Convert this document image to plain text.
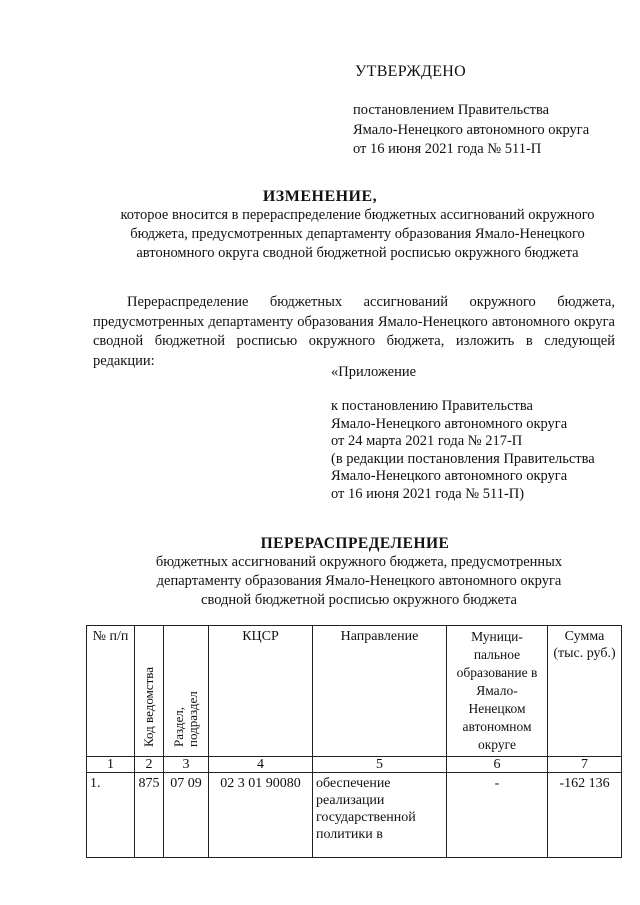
УТВЕРЖДЕНО
постановлением Правительства
Ямало-Ненецкого автономного округа
от 16 июня 2021 года № 511-П
ИЗМЕНЕНИЕ,
которое вносится в перераспределение бюджетных ассигнований окружного
бюджета, предусмотренных департаменту образования Ямало-Ненецкого
автономного округа сводной бюджетной росписью окружного бюджета
Перераспределение бюджетных ассигнований окружного бюджета, предусмотренных департаменту образования Ямало-Ненецкого автономного округа сводной бюджетной росписью окружного бюджета, изложить в следующей редакции:
«Приложение
к постановлению Правительства
Ямало-Ненецкого автономного округа
от 24 марта 2021 года № 217-П
(в редакции постановления Правительства
Ямало-Ненецкого автономного округа
от 16 июня 2021 года № 511-П)
ПЕРЕРАСПРЕДЕЛЕНИЕ
бюджетных ассигнований окружного бюджета, предусмотренных
департаменту образования Ямало-Ненецкого автономного округа
сводной бюджетной росписью окружного бюджета
№ п/п	Код ведомства	Раздел, подраздел	КЦСР	Направление	Муници-пальное образование в Ямало-Ненецком автономном округе	Сумма (тыс. руб.)
1	2	3	4	5	6	7
1.	875	07 09	02 3 01 90080	обеспечение реализации государственной политики в	-	-162 136
